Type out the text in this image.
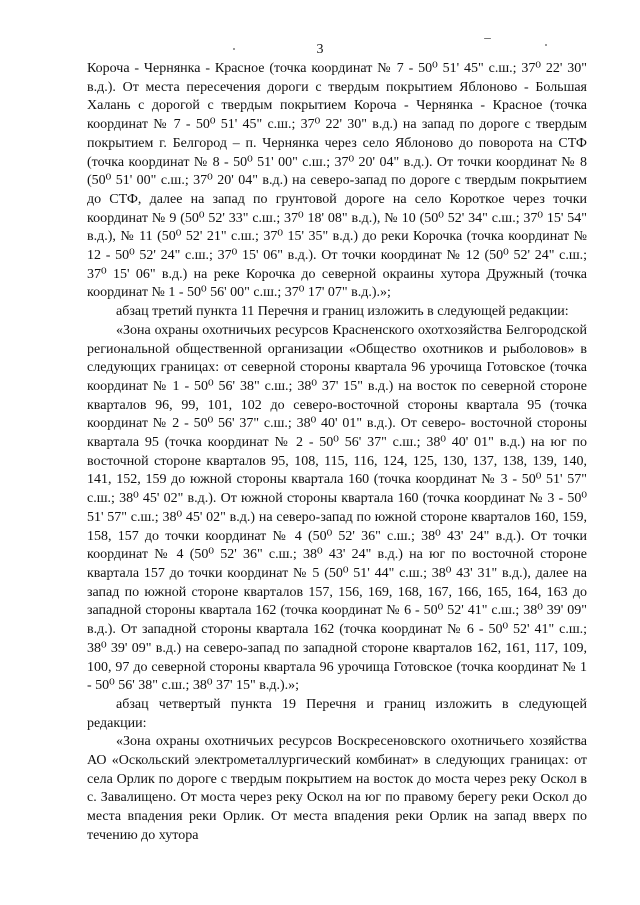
3

Короча - Чернянка - Красное (точка координат № 7 - 50⁰ 51' 45" с.ш.; 37⁰ 22' 30" в.д.). От места пересечения дороги с твердым покрытием Яблоново - Большая Халань с дорогой с твердым покрытием Короча - Чернянка - Красное (точка координат № 7 - 50⁰ 51' 45" с.ш.; 37⁰ 22' 30" в.д.) на запад по дороге с твердым покрытием г. Белгород – п. Чернянка через село Яблоново до поворота на СТФ (точка координат № 8 - 50⁰ 51' 00" с.ш.; 37⁰ 20' 04" в.д.). От точки координат № 8 (50⁰ 51' 00" с.ш.; 37⁰ 20' 04" в.д.) на северо-запад по дороге с твердым покрытием до СТФ, далее на запад по грунтовой дороге на село Короткое через точки координат № 9 (50⁰ 52' 33" с.ш.; 37⁰ 18' 08" в.д.), № 10 (50⁰ 52' 34" с.ш.; 37⁰ 15' 54" в.д.), № 11 (50⁰ 52' 21" с.ш.; 37⁰ 15' 35" в.д.) до реки Корочка (точка координат № 12 - 50⁰ 52' 24" с.ш.; 37⁰ 15' 06" в.д.). От точки координат № 12 (50⁰ 52' 24" с.ш.; 37⁰ 15' 06" в.д.) на реке Корочка до северной окраины хутора Дружный (точка координат № 1 - 50⁰ 56' 00" с.ш.; 37⁰ 17' 07" в.д.).»;

абзац третий пункта 11 Перечня и границ изложить в следующей редакции:

«Зона охраны охотничьих ресурсов Красненского охотхозяйства Белгородской региональной общественной организации «Общество охотников и рыболовов» в следующих границах: от северной стороны квартала 96 урочища Готовское (точка координат № 1 - 50⁰ 56' 38" с.ш.; 38⁰ 37' 15" в.д.) на восток по северной стороне кварталов 96, 99, 101, 102 до северо-восточной стороны квартала 95 (точка координат № 2 - 50⁰ 56' 37" с.ш.; 38⁰ 40' 01" в.д.). От северо- восточной стороны квартала 95 (точка координат № 2 - 50⁰ 56' 37" с.ш.; 38⁰ 40' 01" в.д.) на юг по восточной стороне кварталов 95, 108, 115, 116, 124, 125, 130, 137, 138, 139, 140, 141, 152, 159 до южной стороны квартала 160 (точка координат № 3 - 50⁰ 51' 57" с.ш.; 38⁰ 45' 02" в.д.). От южной стороны квартала 160 (точка координат № 3 - 50⁰ 51' 57" с.ш.; 38⁰ 45' 02" в.д.) на северо-запад по южной стороне кварталов 160, 159, 158, 157 до точки координат № 4 (50⁰ 52' 36" с.ш.; 38⁰ 43' 24" в.д.). От точки координат № 4 (50⁰ 52' 36" с.ш.; 38⁰ 43' 24" в.д.) на юг по восточной стороне квартала 157 до точки координат № 5 (50⁰ 51' 44" с.ш.; 38⁰ 43' 31" в.д.), далее на запад по южной стороне кварталов 157, 156, 169, 168, 167, 166, 165, 164, 163 до западной стороны квартала 162 (точка координат № 6 - 50⁰ 52' 41" с.ш.; 38⁰ 39' 09" в.д.). От западной стороны квартала 162 (точка координат № 6 - 50⁰ 52' 41" с.ш.; 38⁰ 39' 09" в.д.) на северо-запад по западной стороне кварталов 162, 161, 117, 109, 100, 97 до северной стороны квартала 96 урочища Готовское (точка координат № 1 - 50⁰ 56' 38" с.ш.; 38⁰ 37' 15" в.д.).»;

абзац четвертый пункта 19 Перечня и границ изложить в следующей редакции:

«Зона охраны охотничьих ресурсов Воскресеновского охотничьего хозяйства АО «Оскольский электрометаллургический комбинат» в следующих границах: от села Орлик по дороге с твердым покрытием на восток до моста через реку Оскол в с. Завалищено. От моста через реку Оскол на юг по правому берегу реки Оскол до места впадения реки Орлик. От места впадения реки Орлик на запад вверх по течению до хутора
